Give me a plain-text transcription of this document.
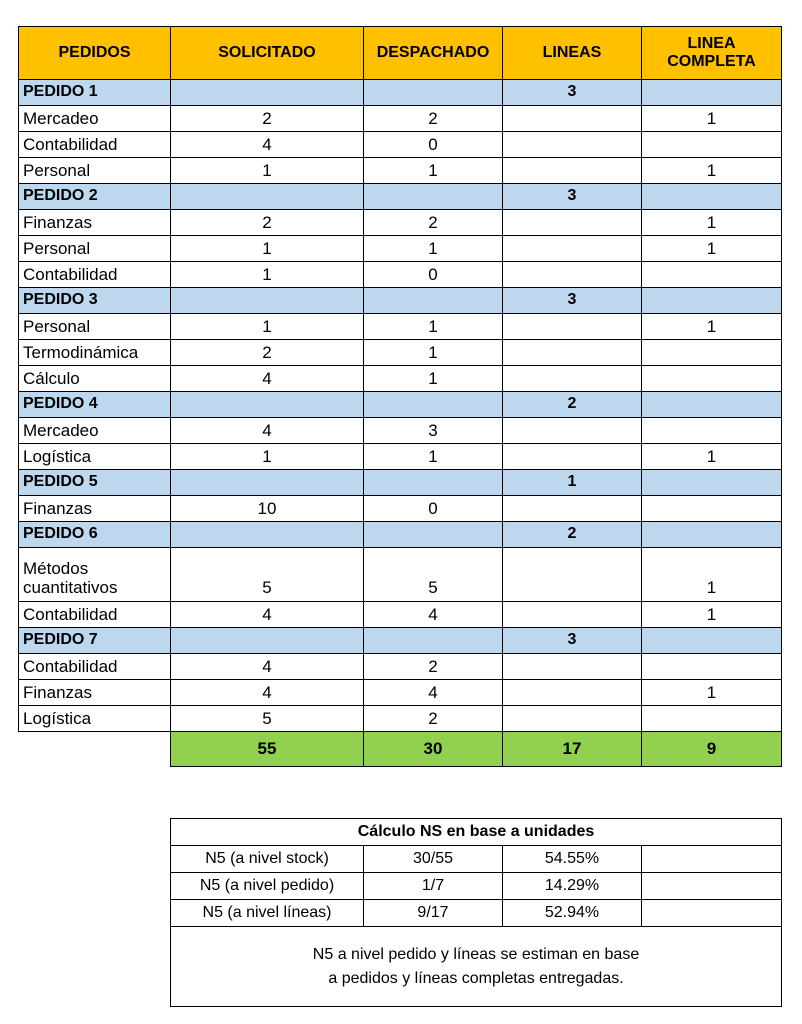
PEDIDOS	SOLICITADO	DESPACHADO	LINEAS	LINEA COMPLETA
PEDIDO 1			3	
Mercadeo	2	2		1
Contabilidad	4	0		
Personal	1	1		1
PEDIDO 2			3	
Finanzas	2	2		1
Personal	1	1		1
Contabilidad	1	0		
PEDIDO 3			3	
Personal	1	1		1
Termodinámica	2	1		
Cálculo	4	1		
PEDIDO 4			2	
Mercadeo	4	3		
Logística	1	1		1
PEDIDO 5			1	
Finanzas	10	0		
PEDIDO 6			2	
Métodos cuantitativos	5	5		1
Contabilidad	4	4		1
PEDIDO 7			3	
Contabilidad	4	2		
Finanzas	4	4		1
Logística	5	2		
	55	30	17	9
Cálculo NS en base a unidades			
N5 (a nivel stock)	30/55	54.55%	
N5 (a nivel pedido)	1/7	14.29%	
N5 (a nivel líneas)	9/17	52.94%	

N5 a nivel pedido y líneas se estiman en base
a pedidos y líneas completas entregadas.			
